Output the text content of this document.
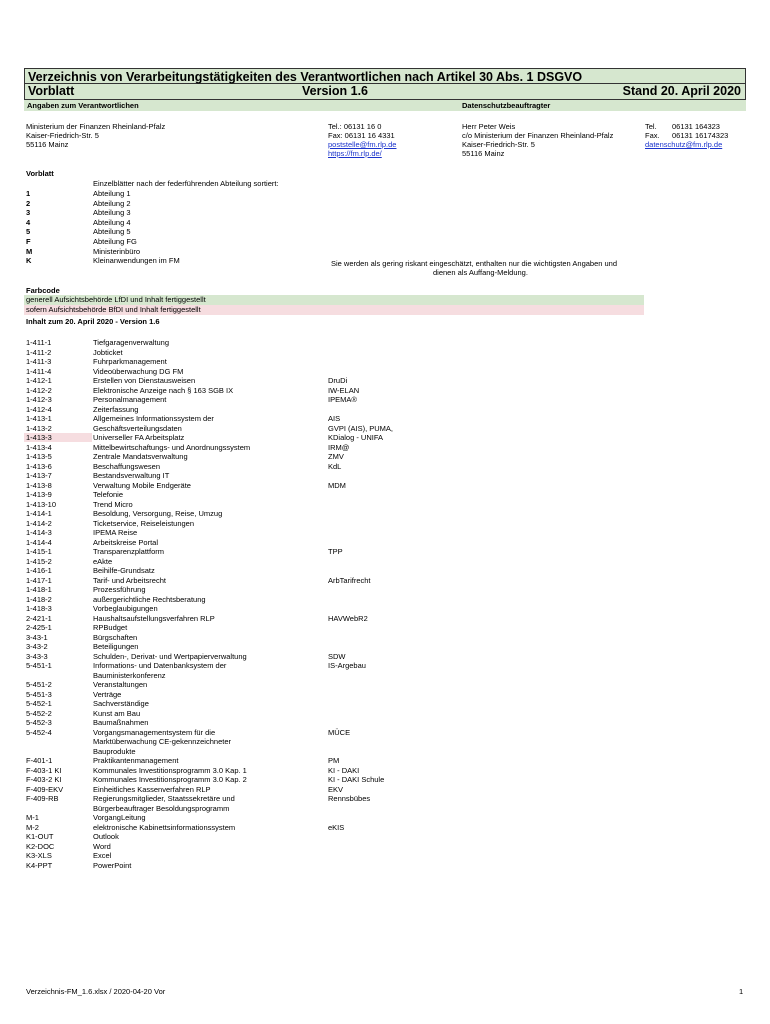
Verzeichnis von Verarbeitungstätigkeiten des Verantwortlichen nach Artikel 30 Abs. 1 DSGVO
Vorblatt	Version 1.6	Stand 20. April 2020
Angaben zum Verantwortlichen	Datenschutzbeauftragter
Ministerium der Finanzen Rheinland-Pfalz
Kaiser-Friedrich-Str. 5
55116 Mainz
Tel.: 06131 16 0
Fax: 06131 16 4331
poststelle@fm.rlp.de
https://fm.rlp.de/
Herr Peter Weis
c/o Ministerium der Finanzen Rheinland-Pfalz
Kaiser-Friedrich-Str. 5
55116 Mainz
Tel. 06131 164323
Fax. 06131 16174323
datenschutz@fm.rlp.de
Vorblatt
Einzelblätter nach der federführenden Abteilung sortiert:
1	Abteilung 1
2	Abteilung 2
3	Abteilung 3
4	Abteilung 4
5	Abteilung 5
F	Abteilung FG
M	Ministerinbüro
K	Kleinanwendungen im FM	Sie werden als gering riskant eingeschätzt, enthalten nur die wichtigsten Angaben und
dienen als Auffang-Meldung.
Farbcode
generell Aufsichtsbehörde LfDI und Inhalt fertiggestellt
sofern Aufsichtsbehörde BfDI und Inhalt fertiggestellt
Inhalt zum 20. April 2020 - Version 1.6
1-411-1	Tiefgaragenverwaltung
1-411-2	Jobticket
1-411-3	Fuhrparkmanagement
1-411-4	Videoüberwachung DG FM
1-412-1	Erstellen von Dienstausweisen	DruDi
1-412-2	Elektronische Anzeige nach § 163 SGB IX	IW-ELAN
1-412-3	Personalmanagement	IPEMA®
1-412-4	Zeiterfassung
1-413-1	Allgemeines Informationssystem der	AIS
1-413-2	Geschäftsverteilungsdaten	GVPI (AIS), PUMA,
1-413-3	Universeller FA Arbeitsplatz	KDialog - UNIFA
1-413-4	Mittelbewirtschaftungs- und Anordnungssystem	IRM@
1-413-5	Zentrale Mandatsverwaltung	ZMV
1-413-6	Beschaffungswesen	KdL
1-413-7	Bestandsverwaltung IT
1-413-8	Verwaltung Mobile Endgeräte	MDM
1-413-9	Telefonie
1-413-10	Trend Micro
1-414-1	Besoldung, Versorgung, Reise, Umzug
1-414-2	Ticketservice, Reiseleistungen
1-414-3	IPEMA Reise
1-414-4	Arbeitskreise Portal
1-415-1	Transparenzplattform	TPP
1-415-2	eAkte
1-416-1	Beihilfe-Grundsatz
1-417-1	Tarif- und Arbeitsrecht	ArbTarifrecht
1-418-1	Prozessführung
1-418-2	außergerichtliche Rechtsberatung
1-418-3	Vorbeglaubigungen
2-421-1	Haushaltsaufstellungsverfahren RLP	HAVWebR2
2-425-1	RPBudget
3-43-1	Bürgschaften
3-43-2	Beteiligungen
3-43-3	Schulden-, Derivat- und Wertpapierverwaltung	SDW
5-451-1	Informations- und Datenbanksystem der	IS-Argebau
Bauministerkonferenz
5-451-2	Veranstaltungen
5-451-3	Verträge
5-452-1	Sachverständige
5-452-2	Kunst am Bau
5-452-3	Baumaßnahmen
5-452-4	Vorgangsmanagementsystem für die	MÜCE
Marktüberwachung CE-gekennzeichneter
Bauprodukte
F-401-1	Praktikantenmanagement	PM
F-403-1 KI	Kommunales Investitionsprogramm 3.0 Kap. 1	KI - DAKI
F-403-2 KI	Kommunales Investitionsprogramm 3.0 Kap. 2	KI - DAKI Schule
F-409-EKV	Einheitliches Kassenverfahren RLP	EKV
F-409-RB	Regierungsmitglieder, Staatssekretäre und	Rennsbübes
Bürgerbeauftrager Besoldungsprogramm
M-1	VorgangLeitung
M-2	elektronische Kabinettsinformationssystem	eKIS
K1-OUT	Outlook
K2-DOC	Word
K3-XLS	Excel
K4-PPT	PowerPoint
Verzeichnis-FM_1.6.xlsx / 2020-04-20 Vor	1
